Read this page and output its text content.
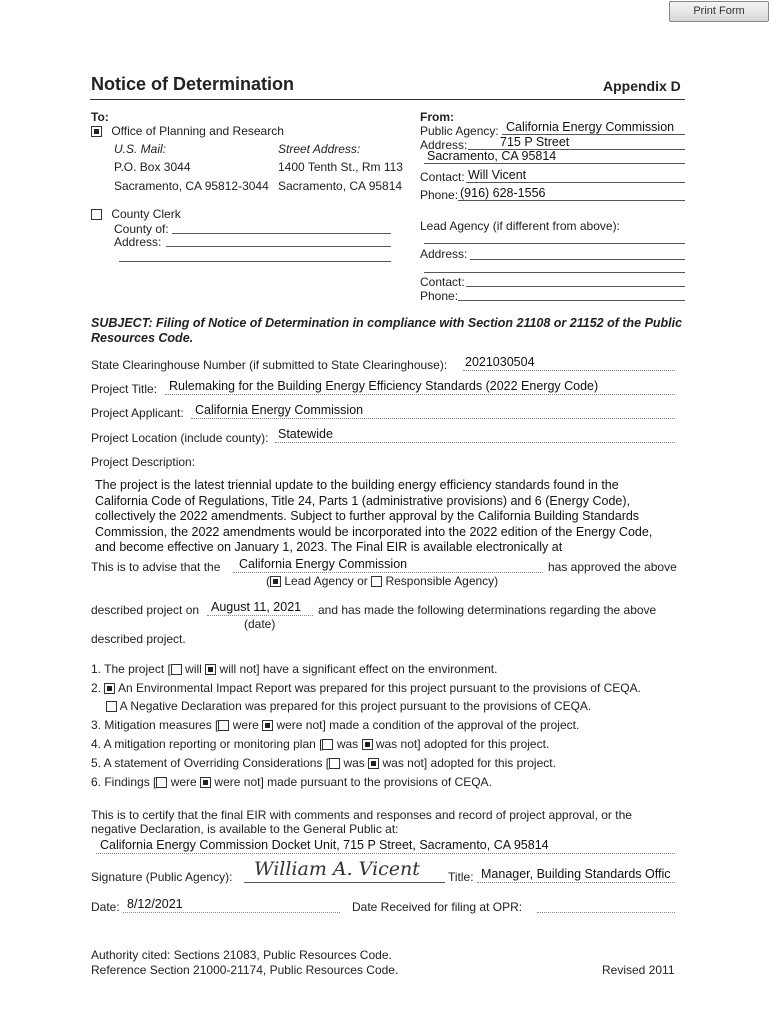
Print Form
Notice of Determination	Appendix D
To:
Office of Planning and Research
U.S. Mail:	Street Address:
P.O. Box 3044	1400 Tenth St., Rm 113
Sacramento, CA 95812-3044 Sacramento, CA 95814
County Clerk
County of:
Address:
From:
Public Agency: California Energy Commission
Address:	715 P Street
Sacramento, CA 95814
Contact: Will Vicent
Phone: (916) 628-1556
Lead Agency (if different from above):
Address:
Contact:
Phone:
SUBJECT: Filing of Notice of Determination in compliance with Section 21108 or 21152 of the Public
Resources Code.
State Clearinghouse Number (if submitted to State Clearinghouse): 2021030504
Project Title: Rulemaking for the Building Energy Efficiency Standards (2022 Energy Code)
Project Applicant: California Energy Commission
Project Location (include county): Statewide
Project Description:
The project is the latest triennial update to the building energy efficiency standards found in the
California Code of Regulations, Title 24, Parts 1 (administrative provisions) and 6 (Energy Code),
collectively the 2022 amendments. Subject to further approval by the California Building Standards
Commission, the 2022 amendments would be incorporated into the 2022 edition of the Energy Code,
and become effective on January 1, 2023. The Final EIR is available electronically at
This is to advise that the	California Energy Commission	has approved the above
( Lead Agency or Responsible Agency)
described project on August 11, 2021	and has made the following determinations regarding the above
(date)
described project.
1. The project [ will will not] have a significant effect on the environment.
2. An Environmental Impact Report was prepared for this project pursuant to the provisions of CEQA.
A Negative Declaration was prepared for this project pursuant to the provisions of CEQA.
3. Mitigation measures [ were were not] made a condition of the approval of the project.
4. A mitigation reporting or monitoring plan [ was was not] adopted for this project.
5. A statement of Overriding Considerations [ was was not] adopted for this project.
6. Findings [ were were not] made pursuant to the provisions of CEQA.
This is to certify that the final EIR with comments and responses and record of project approval, or the
negative Declaration, is available to the General Public at:
California Energy Commission Docket Unit, 715 P Street, Sacramento, CA 95814
Signature (Public Agency):	William A. Vicent	Title: Manager, Building Standards Offic
Date: 8/12/2021	Date Received for filing at OPR:
Authority cited: Sections 21083, Public Resources Code.
Reference Section 21000-21174, Public Resources Code.	Revised 2011
